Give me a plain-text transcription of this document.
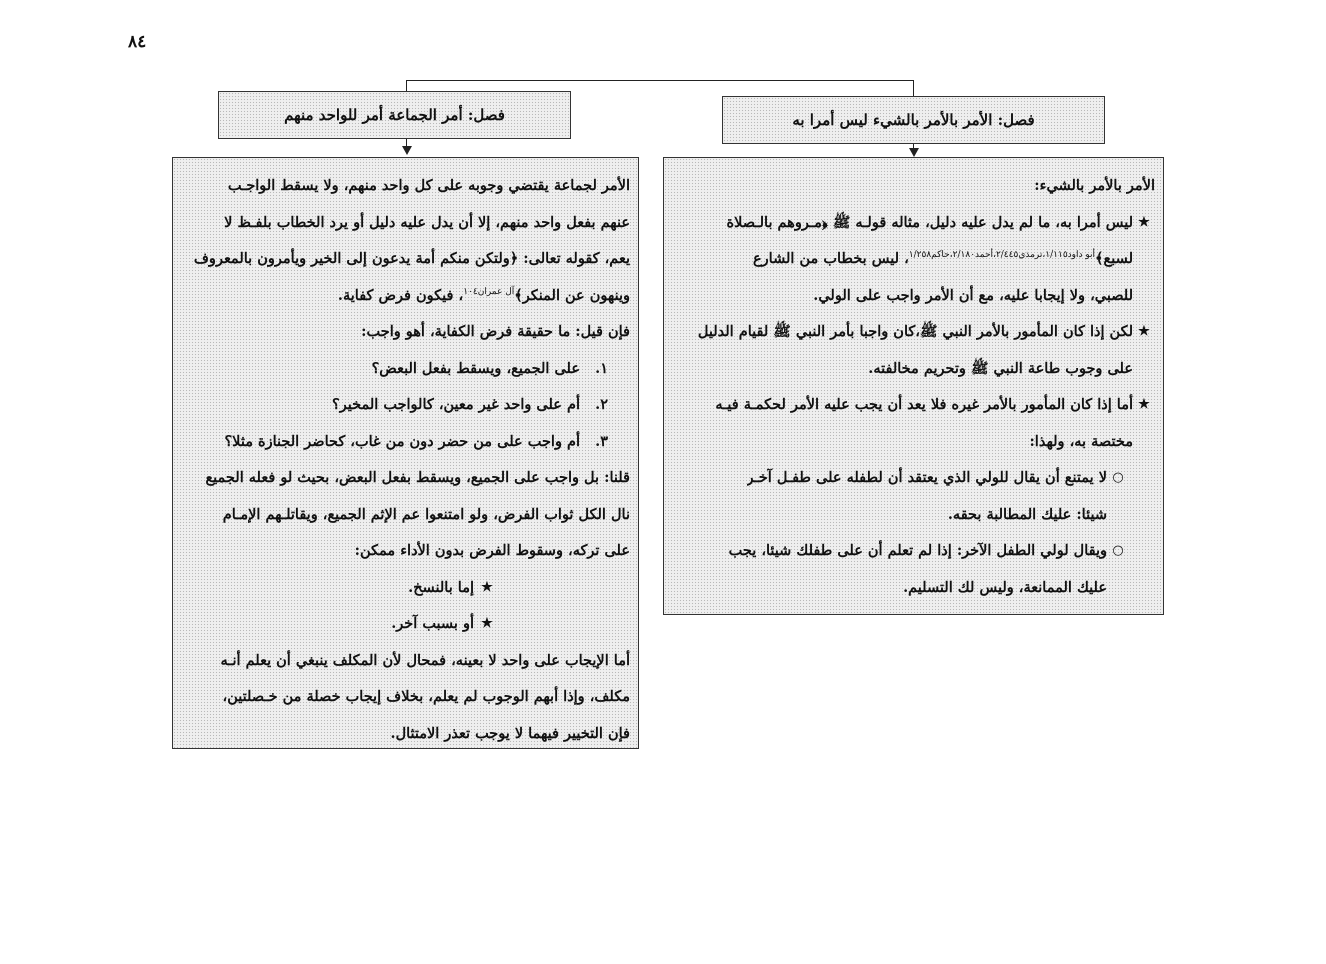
٨٤
فصل: الأمر بالأمر بالشيء ليس أمرا به
فصل: أمر الجماعة أمر للواحد منهم
الأمر بالأمر بالشيء:
★
ليس أمرا به، ما لم يدل عليه دليل، مثاله قولـه ﷺ ﴿مـروهم بالـصلاة
لسبع﴾$^{أبو داود١/١١٥،ترمذي٢/٤٤٥،أحمد٢/١٨٠،حاكم١/٢٥٨}$، ليس بخطاب من الشارع
للصبي، ولا إيجابا عليه، مع أن الأمر واجب على الولي.
★
لكن إذا كان المأمور بالأمر النبي ﷺ،كان واجبا بأمر النبي ﷺ لقيام الدليل
على وجوب طاعة النبي ﷺ وتحريم مخالفته.
★
أما إذا كان المأمور بالأمر غيره فلا يعد أن يجب عليه الأمر لحكمـة فيـه
مختصة به، ولهذا:
○
لا يمتنع أن يقال للولي الذي يعتقد أن لطفله على طفـل آخـر
شيئا: عليك المطالبة بحقه.
○
ويقال لولي الطفل الآخر: إذا لم تعلم أن على طفلك شيئا، يجب
عليك الممانعة، وليس لك التسليم.
الأمر لجماعة يقتضي وجوبه على كل واحد منهم، ولا يسقط الواجـب
عنهم بفعل واحد منهم، إلا أن يدل عليه دليل أو يرد الخطاب بلفـظ لا
يعم، كقوله تعالى: ﴿ولتكن منكم أمة يدعون إلى الخير ويأمرون بالمعروف
وينهون عن المنكر﴾$^{آل عمران١٠٤}$، فيكون فرض كفاية.
فإن قيل: ما حقيقة فرض الكفاية، أهو واجب:
١.
على الجميع، ويسقط بفعل البعض؟
٢.
أم على واحد غير معين، كالواجب المخير؟
٣.
أم واجب على من حضر دون من غاب، كحاضر الجنازة مثلا؟
قلنا: بل واجب على الجميع، ويسقط بفعل البعض، بحيث لو فعله الجميع
نال الكل ثواب الفرض، ولو امتنعوا عم الإثم الجميع، ويقاتلـهم الإمـام
على تركه، وسقوط الفرض بدون الأداء ممكن:
★
إما بالنسخ.
★
أو بسبب آخر.
أما الإيجاب على واحد لا بعينه، فمحال لأن المكلف ينبغي أن يعلم أنـه
مكلف، وإذا أبهم الوجوب لم يعلم، بخلاف إيجاب خصلة من خـصلتين،
فإن التخيير فيهما لا يوجب تعذر الامتثال.
